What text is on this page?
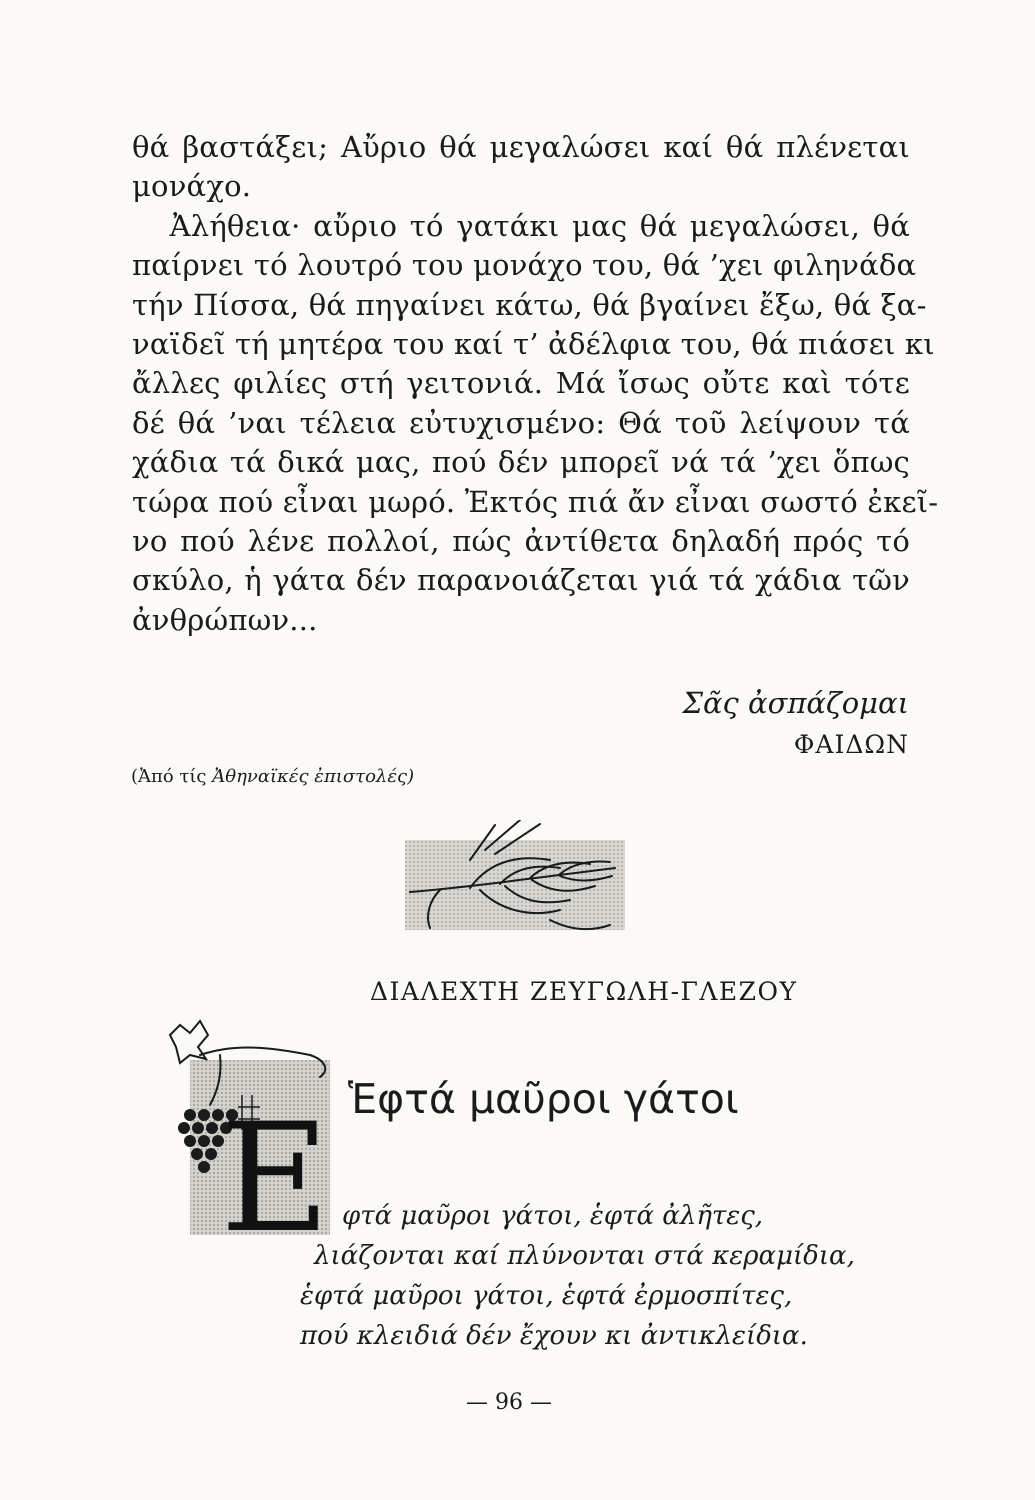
θά βαστάξει; Αὔριο θά μεγαλώσει καί θά πλένεται
μονάχο.
Ἀλήθεια· αὔριο τό γατάκι μας θά μεγαλώσει, θά
παίρνει τό λουτρό του μονάχο του, θά ’χει φιληνάδα
τήν Πίσσα, θά πηγαίνει κάτω, θά βγαίνει ἔξω, θά ξα-
ναϊδεῖ τή μητέρα του καί τ’ ἀδέλφια του, θά πιάσει κι
ἄλλες φιλίες στή γειτονιά. Μά ἴσως οὔτε καὶ τότε
δέ θά ’ναι τέλεια εὐτυχισμένο: Θά τοῦ λείψουν τά
χάδια τά δικά μας, πού δέν μπορεῖ νά τά ’χει ὅπως
τώρα πού εἶναι μωρό. Ἐκτός πιά ἄν εἶναι σωστό ἐκεῖ-
νο πού λένε πολλοί, πώς ἀντίθετα δηλαδή πρός τό
σκύλο, ἡ γάτα δέν παρανοιάζεται γιά τά χάδια τῶν
ἀνθρώπων...
Σᾶς ἀσπάζομαι
ΦΑΙΔΩΝ
(Ἀπό τίς Ἀθηναϊκές ἐπιστολές)
ΔΙΑΛΕΧΤΗ ΖΕΥΓΩΛΗ-ΓΛΕΖΟΥ
Ε Ἑφτά μαῦροι γάτοι
φτά μαῦροι γάτοι, ἑφτά ἀλῆτες,
λιάζονται καί πλύνονται στά κεραμίδια,
ἑφτά μαῦροι γάτοι, ἑφτά ἐρμοσπίτες,
πού κλειδιά δέν ἔχουν κι ἀντικλείδια.
— 96 —
